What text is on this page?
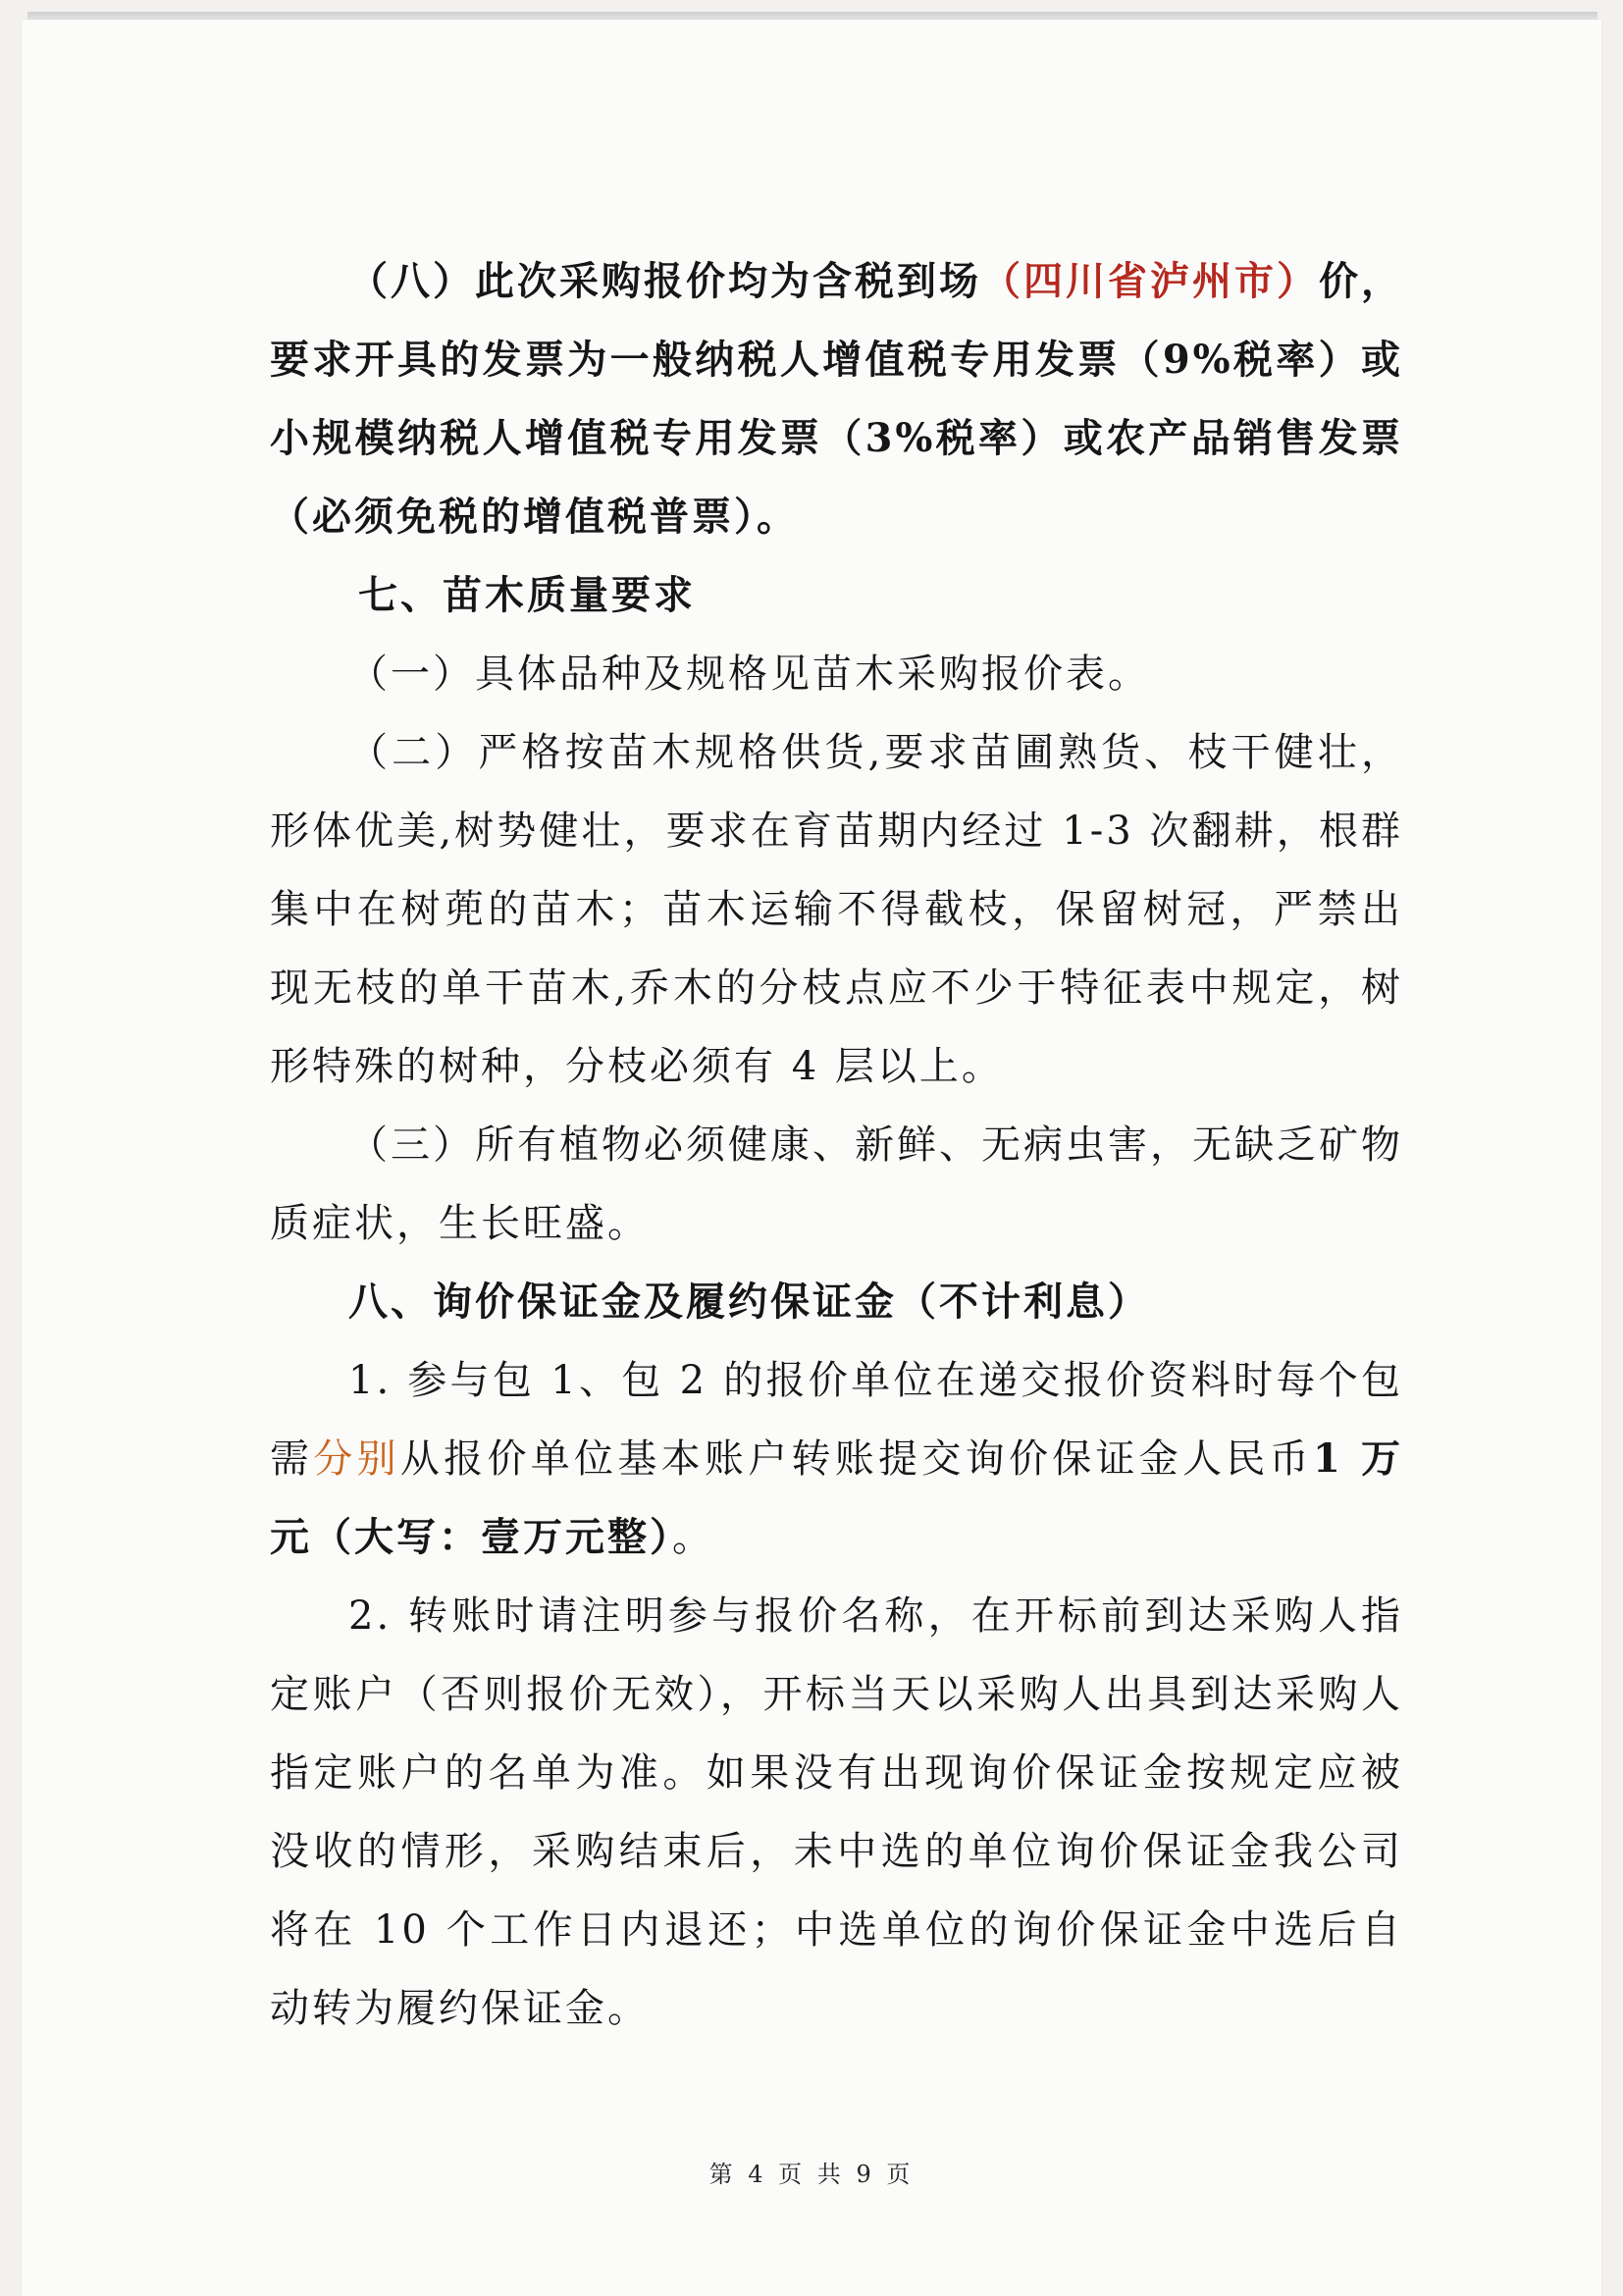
（八）此次采购报价均为含税到场（四川省泸州市）价，要求开具的发票为一般纳税人增值税专用发票（9%税率）或小规模纳税人增值税专用发票（3%税率）或农产品销售发票（必须免税的增值税普票）。

七、苗木质量要求

（一）具体品种及规格见苗木采购报价表。

（二）严格按苗木规格供货,要求苗圃熟货、枝干健壮，形体优美,树势健壮，要求在育苗期内经过 1-3 次翻耕，根群集中在树蔸的苗木；苗木运输不得截枝，保留树冠，严禁出现无枝的单干苗木,乔木的分枝点应不少于特征表中规定，树形特殊的树种，分枝必须有 4 层以上。

（三）所有植物必须健康、新鲜、无病虫害，无缺乏矿物质症状，生长旺盛。

八、询价保证金及履约保证金（不计利息）

1. 参与包 1、包 2 的报价单位在递交报价资料时每个包需分别从报价单位基本账户转账提交询价保证金人民币1 万元（大写：壹万元整）。

2. 转账时请注明参与报价名称，在开标前到达采购人指定账户（否则报价无效），开标当天以采购人出具到达采购人指定账户的名单为准。如果没有出现询价保证金按规定应被没收的情形，采购结束后，未中选的单位询价保证金我公司将在 10 个工作日内退还；中选单位的询价保证金中选后自动转为履约保证金。

第 4 页 共 9 页
